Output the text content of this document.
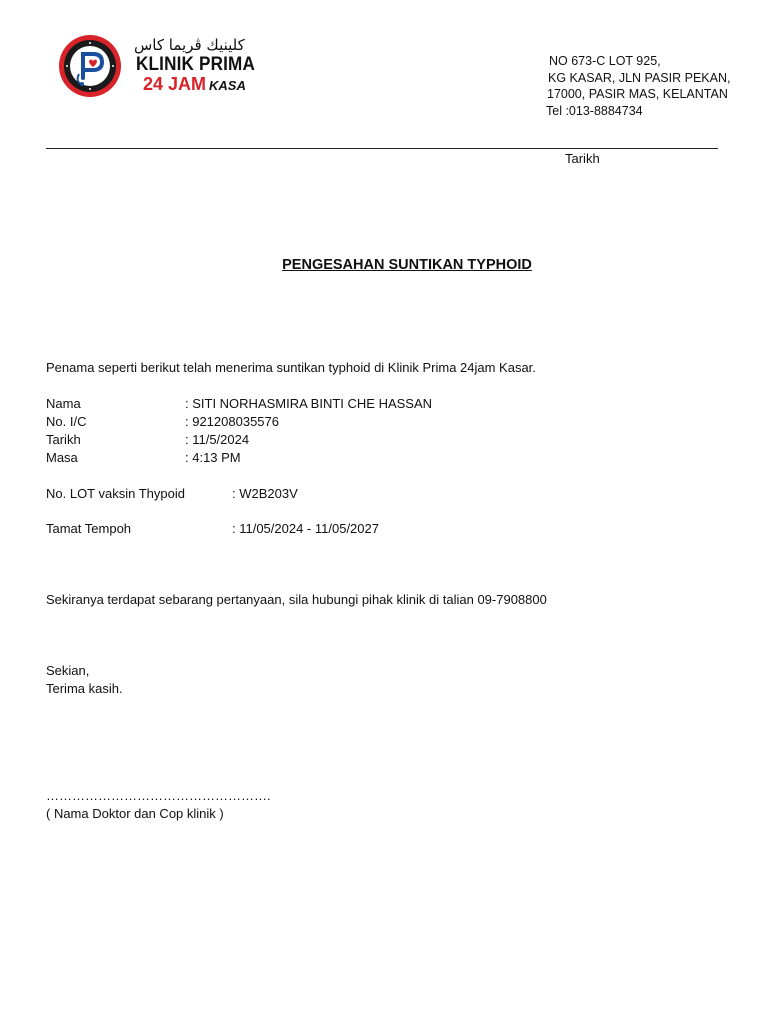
كلينيك ڤريما كاس
KLINIK PRIMA
24 JAM KASA
NO 673-C LOT 925,
KG KASAR, JLN PASIR PEKAN,
17000, PASIR MAS, KELANTAN
Tel :013-8884734
Tarikh
PENGESAHAN SUNTIKAN TYPHOID
Penama seperti berikut telah menerima suntikan typhoid di Klinik Prima 24jam Kasar.
Nama	: SITI NORHASMIRA BINTI CHE HASSAN
No. I/C	: 921208035576
Tarikh	: 11/5/2024
Masa	: 4:13 PM
No. LOT vaksin Thypoid	: W2B203V
Tamat Tempoh	: 11/05/2024 - 11/05/2027
Sekiranya terdapat sebarang pertanyaan, sila hubungi pihak klinik di talian 09-7908800
Sekian,
Terima kasih.
…………………………………………….
( Nama Doktor dan Cop klinik )
